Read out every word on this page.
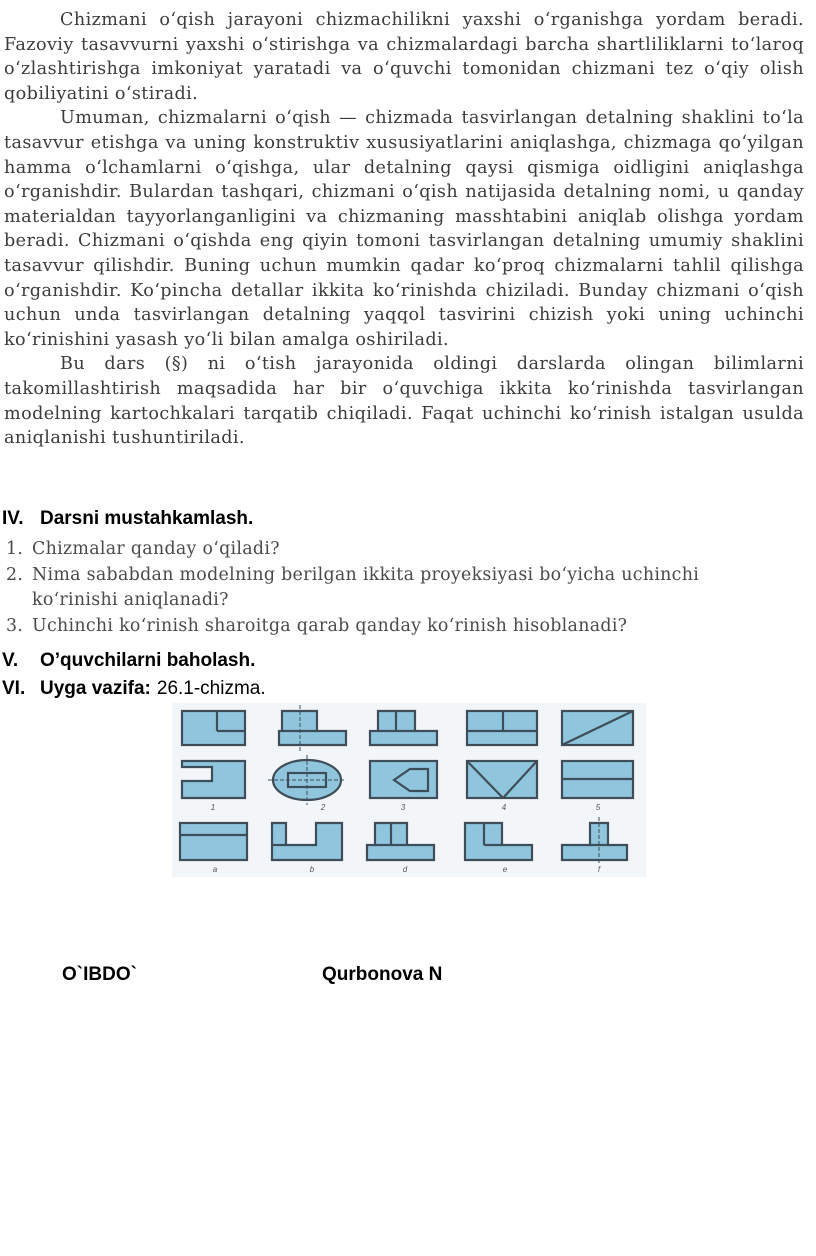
Chizmani o‘qish jarayoni chizmachilikni yaxshi o‘rganishga yordam beradi. Fazoviy tasavvurni yaxshi o‘stirishga va chizmalardagi barcha shartliliklarni to‘laroq o‘zlashtirishga imkoniyat yaratadi va o‘quvchi tomonidan chizmani tez o‘qiy olish qobiliyatini o‘stiradi.

Umuman, chizmalarni o‘qish — chizmada tasvirlangan detalning shaklini to‘la tasavvur etishga va uning konstruktiv xususiyatlarini aniqlashga, chizmaga qo‘yilgan hamma o‘lchamlarni o‘qishga, ular detalning qaysi qismiga oidligini aniqlashga o‘rganishdir. Bulardan tashqari, chizmani o‘qish natijasida detalning nomi, u qanday materialdan tayyorlanganligini va chizmaning masshtabini aniqlab olishga yordam beradi. Chizmani o‘qishda eng qiyin tomoni tasvirlangan detalning umumiy shaklini tasavvur qilishdir. Buning uchun mumkin qadar ko‘proq chizmalarni tahlil qilishga o‘rganishdir. Ko‘pincha detallar ikkita ko‘rinishda chiziladi. Bunday chizmani o‘qish uchun unda tasvirlangan detalning yaqqol tasvirini chizish yoki uning uchinchi ko‘rinishini yasash yo‘li bilan amalga oshiriladi.

Bu dars (§) ni o‘tish jarayonida oldingi darslarda olingan bilimlarni takomillashtirish maqsadida har bir o‘quvchiga ikkita ko‘rinishda tasvirlangan modelning kartochkalari tarqatib chiqiladi. Faqat uchinchi ko‘rinish istalgan usulda aniqlanishi tushuntiriladi.

IV. Darsni mustahkamlash.
1. Chizmalar qanday o‘qiladi?
2. Nima sababdan modelning berilgan ikkita proyeksiyasi bo‘yicha uchinchi ko‘rinishi aniqlanadi?
3. Uchinchi ko‘rinish sharoitga qarab qanday ko‘rinish hisoblanadi?
V. O’quvchilarni baholash.
VI. Uyga vazifa: 26.1-chizma.
1	2	3	4	5
a	b	d	e	f
O`IBDO`	Qurbonova N
